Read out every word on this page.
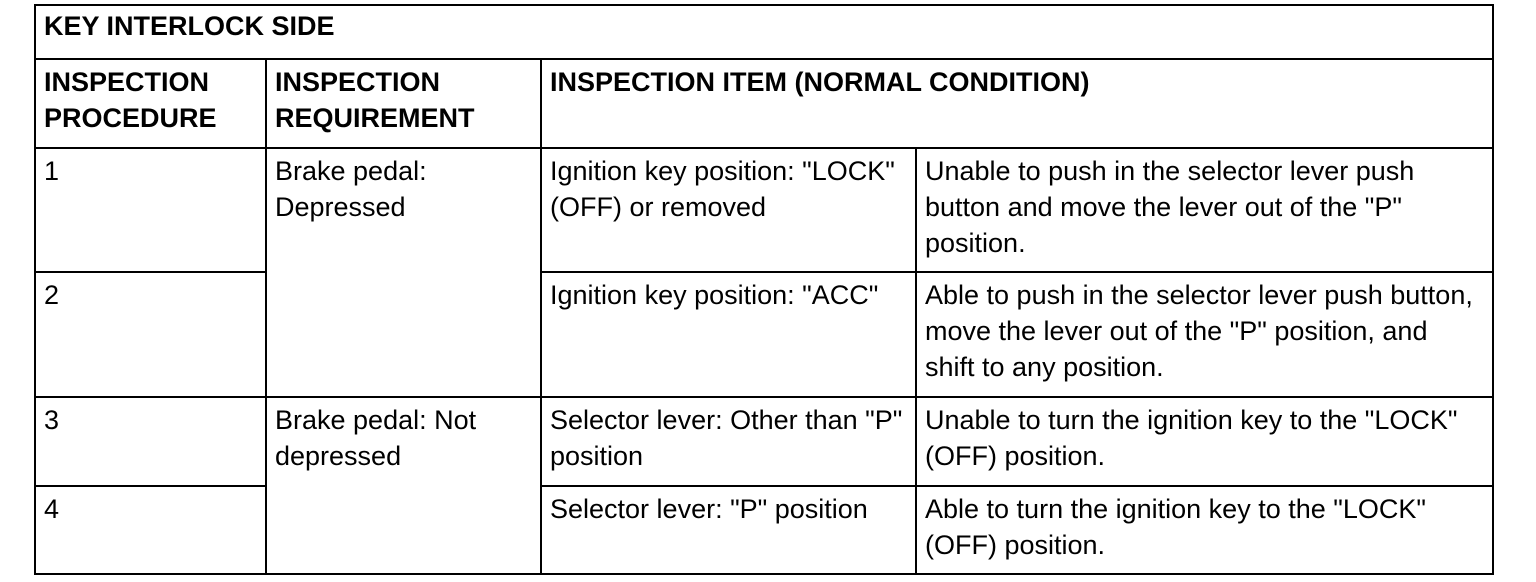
KEY INTERLOCK SIDE			
INSPECTION PROCEDURE	INSPECTION REQUIREMENT	INSPECTION ITEM (NORMAL CONDITION)	
1	Brake pedal: Depressed	Ignition key position: "LOCK" (OFF) or removed	Unable to push in the selector lever push button and move the lever out of the "P" position.
2		Ignition key position: "ACC"	Able to push in the selector lever push button, move the lever out of the "P" position, and shift to any position.
3	Brake pedal: Not depressed	Selector lever: Other than "P" position	Unable to turn the ignition key to the "LOCK" (OFF) position.
4		Selector lever: "P" position	Able to turn the ignition key to the "LOCK" (OFF) position.
